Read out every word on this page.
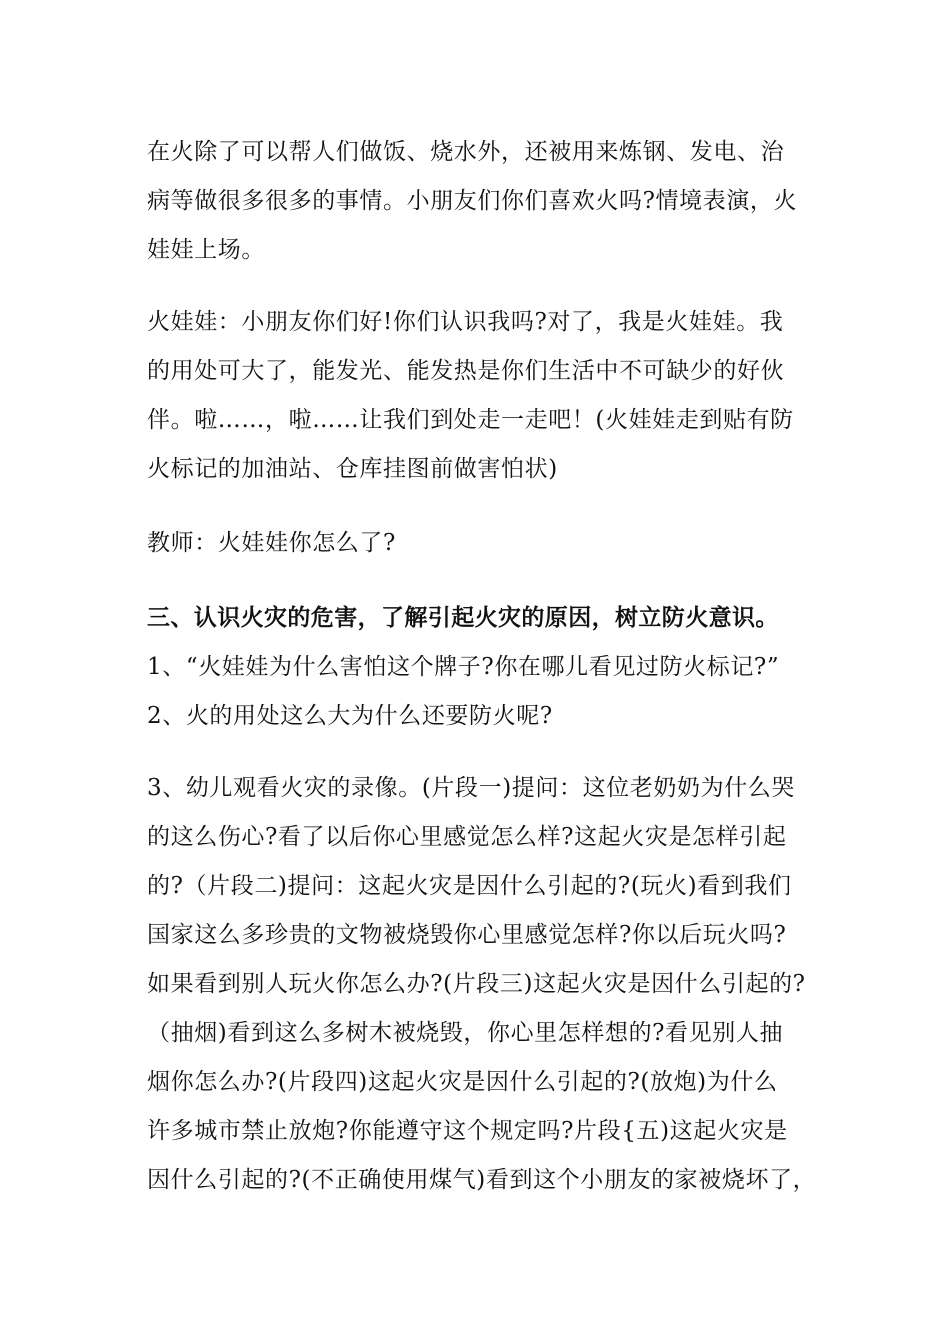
在火除了可以帮人们做饭、烧水外，还被用来炼钢、发电、治
病等做很多很多的事情。小朋友们你们喜欢火吗?情境表演，火
娃娃上场。
火娃娃：小朋友你们好!你们认识我吗?对了，我是火娃娃。我
的用处可大了，能发光、能发热是你们生活中不可缺少的好伙
伴。啦……，啦……让我们到处走一走吧！(火娃娃走到贴有防
火标记的加油站、仓库挂图前做害怕状)
教师：火娃娃你怎么了?
三、认识火灾的危害，了解引起火灾的原因，树立防火意识。
1、“火娃娃为什么害怕这个牌子?你在哪儿看见过防火标记?”
2、火的用处这么大为什么还要防火呢?
3、幼儿观看火灾的录像。(片段一)提问：这位老奶奶为什么哭
的这么伤心?看了以后你心里感觉怎么样?这起火灾是怎样引起
的?（片段二)提问：这起火灾是因什么引起的?(玩火)看到我们
国家这么多珍贵的文物被烧毁你心里感觉怎样?你以后玩火吗?
如果看到别人玩火你怎么办?(片段三)这起火灾是因什么引起的?
（抽烟)看到这么多树木被烧毁，你心里怎样想的?看见别人抽
烟你怎么办?(片段四)这起火灾是因什么引起的?(放炮)为什么
许多城市禁止放炮?你能遵守这个规定吗?片段{五)这起火灾是
因什么引起的?(不正确使用煤气)看到这个小朋友的家被烧坏了，
